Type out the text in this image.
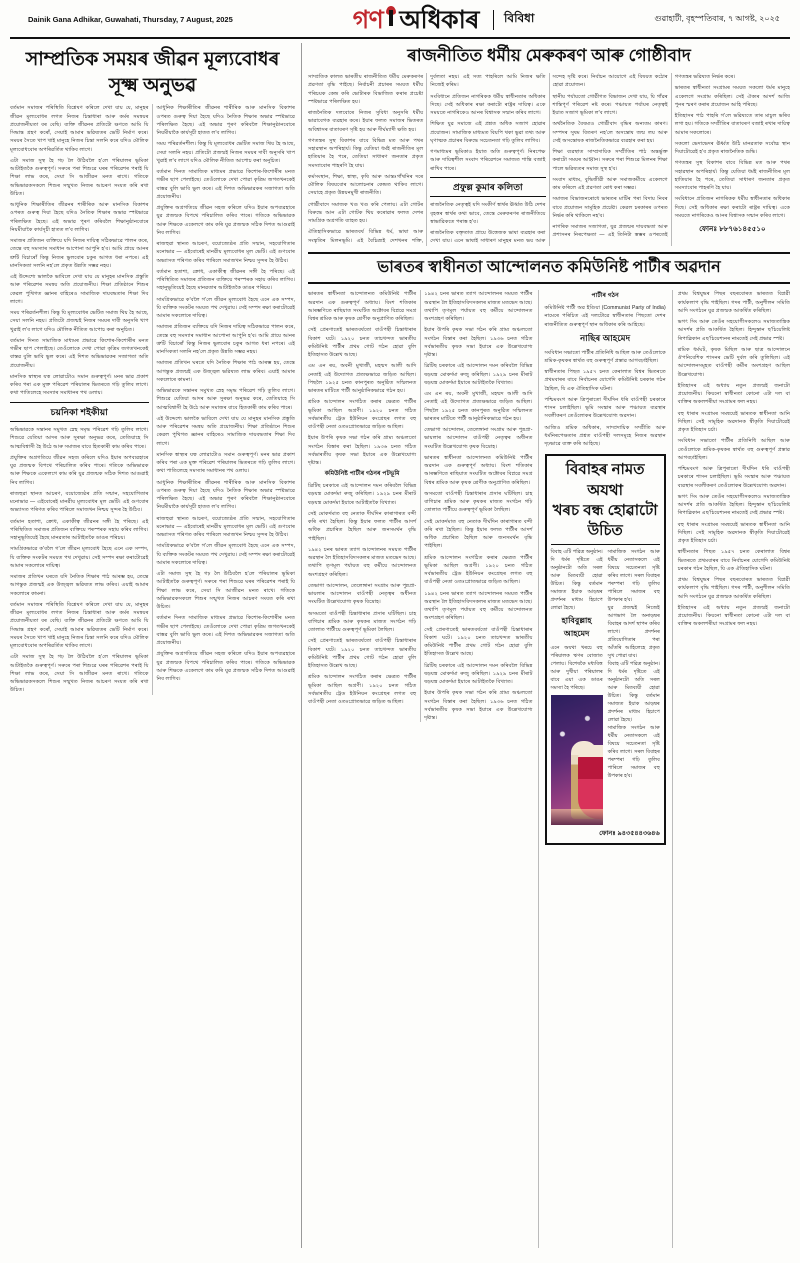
Dainik Gana Adhikar, Guwahati, Thursday, 7 August, 2025	গণ অধিকাৰ	বিবিধা	গুৱাহাটী, বৃহস্পতিবাৰ, ৭ আগষ্ট, ২০২৫
সাম্প্ৰতিক সময়ৰ জীৱন মূল্যবোধৰ সূক্ষ্ম অনুভৱ

বৰ্তমান সমাজৰ পৰিস্থিতি বিশ্লেষণ কৰিলে দেখা যায় যে, মানুহৰ জীৱন মূল্যবোধৰ লগত নিজৰ চিন্তাধাৰা আৰু কৰ্মৰ সমন্বয়ৰ প্ৰয়োজনীয়তা বৰ বেছি। ব্যক্তি জীৱনৰ প্ৰতিটো ক্ষণতে আমি যি সিদ্ধান্ত গ্ৰহণ কৰোঁ, সেয়াই আমাৰ ভৱিষ্যতৰ ভেটি নিৰ্মাণ কৰে। সময়ৰ সৈতে খাপ খাই মানুহে নিজৰ চিন্তা সলনি কৰে যদিও মৌলিক মূল্যবোধবোৰ অপৰিৱৰ্তিত থাকিব লাগে।

এটা সমাজ সুস্থ হৈ গঢ় লৈ উঠিবলৈ হ'লে পৰিয়ালৰ ভূমিকা আটাইতকৈ গুৰুত্বপূৰ্ণ। সৰুৰে পৰা শিশুৱে ঘৰৰ পৰিৱেশৰ পৰাই যি শিক্ষা লাভ কৰে, সেয়া সি আজীৱন মনত ৰাখে। গতিকে অভিভাৱকসকলে শিশুৰ সন্মুখত নিজৰ আচৰণ সংযত কৰি ৰখা উচিত।

আধুনিক শিক্ষাৰীতিৰ জীৱনৰ শাৰীৰিক আৰু মানসিক বিকাশৰ ওপৰত গুৰুত্ব দিয়া হৈছে যদিও নৈতিক শিক্ষাৰ অভাৱ স্পষ্টভাৱে পৰিলক্ষিত হৈছে। এই অভাৱ পূৰণ কৰিবলৈ শিক্ষানুষ্ঠানবোৰে নিয়মীয়াকৈ কাৰ্যসূচী হাতত ল'ব লাগিব।

সমাজৰ প্ৰতিজন ব্যক্তিয়ে যদি নিজৰ দায়িত্ব সঠিকভাৱে পালন কৰে, তেন্তে বহু সমস্যাৰ সমাধান আপোনা আপুনি হ'ব। আমি প্ৰায়ে আনৰ ত্ৰুটি বিচাৰোঁ কিন্তু নিজৰ ভুলবোৰ চকুৰ আগত ধৰা নপৰে। এই মানসিকতা সলনি নহ'লে প্ৰকৃত উন্নতি সম্ভৱ নহয়।

এই উদ্দেশ্যে ভালকৈ ভাবিলে দেখা যায় যে মানুহৰ মানসিক প্ৰস্তুতি আৰু পৰিৱেশৰ সমন্বয় অতি প্ৰয়োজনীয়। শিক্ষা প্ৰতিষ্ঠানে শিশুৰ কেৱল পুথিগত জ্ঞানৰ বাহিৰেও সামাজিক দায়বদ্ধতাৰ শিক্ষা দিব লাগে।

সময় পৰিৱৰ্তনশীল। কিন্তু যি মূল্যবোধৰ ভেটিত সমাজ থিয় হৈ আছে, সেয়া সলনি নহয়। প্ৰতিটো প্ৰজন্মই নিজৰ সময়ৰ দাবী অনুসৰি খাপ খুৱাই ল'ব লাগে যদিও মৌলিক নীতিত আপোচ কৰা অনুচিত।

বৰ্তমান দিনত সামাজিক মাধ্যমৰ প্ৰভাৱে কিশোৰ-কিশোৰীৰ মনত গভীৰ ছাপ পেলাইছে। তেওঁলোকে দেখা পোৱা কৃত্ৰিম জগতখনকেই বাস্তৱ বুলি ভাবি ভুল কৰে। এই দিশত অভিভাৱকৰ সজাগতা অতি প্ৰয়োজনীয়।

মানসিক স্বাস্থ্যৰ যত্ন লোৱাটোও সমান গুৰুত্বপূৰ্ণ। মনৰ ভাৱ প্ৰকাশ কৰিব পৰা এক মুক্ত পৰিৱেশ পৰিয়ালৰ ভিতৰতে গঢ়ি তুলিব লাগে। কথা পাতিলেহে সমস্যাৰ সমাধানৰ পথ ওলায়।

চয়নিকা শইকীয়া

অভিভাৱকে সন্তানৰ সমুখত স্নেহ সমৃদ্ধ পৰিৱেশ গঢ়ি তুলিব লাগে। শিশুৱে যেতিয়া আদৰ আৰু সুৰক্ষা অনুভৱ কৰে, তেতিয়াহে সি আত্মবিশ্বাসী হৈ উঠে আৰু সমাজৰ বাবে হিতকাৰী কাম কৰিব পাৰে।

প্ৰযুক্তিৰ অগ্ৰগতিয়ে জীৱন সহজ কৰিলে যদিও ইয়াৰ অপব্যৱহাৰে যুৱ প্ৰজন্মক বিপথে পৰিচালিত কৰিব পাৰে। গতিকে অভিভাৱক আৰু শিক্ষকে একেলগে কাম কৰি যুৱ প্ৰজন্মক সঠিক দিশত আগুৱাই নিব লাগিব।

ৰাজহুৱা স্থানত আচৰণ, বয়োজ্যেষ্ঠৰ প্ৰতি সন্মান, সহযোগিতাৰ মনোভাৱ — এইবোৰেই মানৱীয় মূল্যবোধৰ মূল ভেটি। এই গুণবোৰ অভ্যাসত পৰিণত কৰিব পাৰিলে সমাজখন নিশ্চয় সুন্দৰ হৈ উঠিব।

বৰ্তমান হতাশা, ক্ৰোধ, একাকীত্ব জীৱনৰ সঙ্গী হৈ পৰিছে। এই পৰিস্থিতিত সমাজৰ প্ৰতিজন ব্যক্তিয়ে পৰস্পৰক সহায় কৰিব লাগিব। সহানুভূতিয়েই হৈছে মানৱতাৰ আটাইতকৈ ডাঙৰ পৰিচয়।

সামগ্ৰিকভাৱে ক'বলৈ গ'লে জীৱন মূল্যবোধ হৈছে এনে এক সম্পদ, যি ব্যক্তিক সংকটৰ সময়ত পথ দেখুৱায়। সেই সম্পদ ৰক্ষা কৰাটোৱেই আমাৰ সকলোৰে দায়িত্ব।

সমাজৰ প্ৰতিখন ঘৰতে যদি নৈতিক শিক্ষাৰ পাঠ আৰম্ভ হয়, তেন্তে আগন্তুক প্ৰজন্মই এক উজ্জ্বল ভৱিষ্যত লাভ কৰিব। এয়াই আমাৰ সকলোৰে কামনা।

বৰ্তমান সমাজৰ পৰিস্থিতি বিশ্লেষণ কৰিলে দেখা যায় যে, মানুহৰ জীৱন মূল্যবোধৰ লগত নিজৰ চিন্তাধাৰা আৰু কৰ্মৰ সমন্বয়ৰ প্ৰয়োজনীয়তা বৰ বেছি। ব্যক্তি জীৱনৰ প্ৰতিটো ক্ষণতে আমি যি সিদ্ধান্ত গ্ৰহণ কৰোঁ, সেয়াই আমাৰ ভৱিষ্যতৰ ভেটি নিৰ্মাণ কৰে। সময়ৰ সৈতে খাপ খাই মানুহে নিজৰ চিন্তা সলনি কৰে যদিও মৌলিক মূল্যবোধবোৰ অপৰিৱৰ্তিত থাকিব লাগে।

এটা সমাজ সুস্থ হৈ গঢ় লৈ উঠিবলৈ হ'লে পৰিয়ালৰ ভূমিকা আটাইতকৈ গুৰুত্বপূৰ্ণ। সৰুৰে পৰা শিশুৱে ঘৰৰ পৰিৱেশৰ পৰাই যি শিক্ষা লাভ কৰে, সেয়া সি আজীৱন মনত ৰাখে। গতিকে অভিভাৱকসকলে শিশুৰ সন্মুখত নিজৰ আচৰণ সংযত কৰি ৰখা উচিত।

আধুনিক শিক্ষাৰীতিৰ জীৱনৰ শাৰীৰিক আৰু মানসিক বিকাশৰ ওপৰত গুৰুত্ব দিয়া হৈছে যদিও নৈতিক শিক্ষাৰ অভাৱ স্পষ্টভাৱে পৰিলক্ষিত হৈছে। এই অভাৱ পূৰণ কৰিবলৈ শিক্ষানুষ্ঠানবোৰে নিয়মীয়াকৈ কাৰ্যসূচী হাতত ল'ব লাগিব।

সময় পৰিৱৰ্তনশীল। কিন্তু যি মূল্যবোধৰ ভেটিত সমাজ থিয় হৈ আছে, সেয়া সলনি নহয়। প্ৰতিটো প্ৰজন্মই নিজৰ সময়ৰ দাবী অনুসৰি খাপ খুৱাই ল'ব লাগে যদিও মৌলিক নীতিত আপোচ কৰা অনুচিত।

বৰ্তমান দিনত সামাজিক মাধ্যমৰ প্ৰভাৱে কিশোৰ-কিশোৰীৰ মনত গভীৰ ছাপ পেলাইছে। তেওঁলোকে দেখা পোৱা কৃত্ৰিম জগতখনকেই বাস্তৱ বুলি ভাবি ভুল কৰে। এই দিশত অভিভাৱকৰ সজাগতা অতি প্ৰয়োজনীয়।

প্ৰযুক্তিৰ অগ্ৰগতিয়ে জীৱন সহজ কৰিলে যদিও ইয়াৰ অপব্যৱহাৰে যুৱ প্ৰজন্মক বিপথে পৰিচালিত কৰিব পাৰে। গতিকে অভিভাৱক আৰু শিক্ষকে একেলগে কাম কৰি যুৱ প্ৰজন্মক সঠিক দিশত আগুৱাই নিব লাগিব।

ৰাজহুৱা স্থানত আচৰণ, বয়োজ্যেষ্ঠৰ প্ৰতি সন্মান, সহযোগিতাৰ মনোভাৱ — এইবোৰেই মানৱীয় মূল্যবোধৰ মূল ভেটি। এই গুণবোৰ অভ্যাসত পৰিণত কৰিব পাৰিলে সমাজখন নিশ্চয় সুন্দৰ হৈ উঠিব।

বৰ্তমান হতাশা, ক্ৰোধ, একাকীত্ব জীৱনৰ সঙ্গী হৈ পৰিছে। এই পৰিস্থিতিত সমাজৰ প্ৰতিজন ব্যক্তিয়ে পৰস্পৰক সহায় কৰিব লাগিব। সহানুভূতিয়েই হৈছে মানৱতাৰ আটাইতকৈ ডাঙৰ পৰিচয়।

সামগ্ৰিকভাৱে ক'বলৈ গ'লে জীৱন মূল্যবোধ হৈছে এনে এক সম্পদ, যি ব্যক্তিক সংকটৰ সময়ত পথ দেখুৱায়। সেই সম্পদ ৰক্ষা কৰাটোৱেই আমাৰ সকলোৰে দায়িত্ব।

সমাজৰ প্ৰতিজন ব্যক্তিয়ে যদি নিজৰ দায়িত্ব সঠিকভাৱে পালন কৰে, তেন্তে বহু সমস্যাৰ সমাধান আপোনা আপুনি হ'ব। আমি প্ৰায়ে আনৰ ত্ৰুটি বিচাৰোঁ কিন্তু নিজৰ ভুলবোৰ চকুৰ আগত ধৰা নপৰে। এই মানসিকতা সলনি নহ'লে প্ৰকৃত উন্নতি সম্ভৱ নহয়।

সমাজৰ প্ৰতিখন ঘৰতে যদি নৈতিক শিক্ষাৰ পাঠ আৰম্ভ হয়, তেন্তে আগন্তুক প্ৰজন্মই এক উজ্জ্বল ভৱিষ্যত লাভ কৰিব। এয়াই আমাৰ সকলোৰে কামনা।

অভিভাৱকে সন্তানৰ সমুখত স্নেহ সমৃদ্ধ পৰিৱেশ গঢ়ি তুলিব লাগে। শিশুৱে যেতিয়া আদৰ আৰু সুৰক্ষা অনুভৱ কৰে, তেতিয়াহে সি আত্মবিশ্বাসী হৈ উঠে আৰু সমাজৰ বাবে হিতকাৰী কাম কৰিব পাৰে।

এই উদ্দেশ্যে ভালকৈ ভাবিলে দেখা যায় যে মানুহৰ মানসিক প্ৰস্তুতি আৰু পৰিৱেশৰ সমন্বয় অতি প্ৰয়োজনীয়। শিক্ষা প্ৰতিষ্ঠানে শিশুৰ কেৱল পুথিগত জ্ঞানৰ বাহিৰেও সামাজিক দায়বদ্ধতাৰ শিক্ষা দিব লাগে।

মানসিক স্বাস্থ্যৰ যত্ন লোৱাটোও সমান গুৰুত্বপূৰ্ণ। মনৰ ভাৱ প্ৰকাশ কৰিব পৰা এক মুক্ত পৰিৱেশ পৰিয়ালৰ ভিতৰতে গঢ়ি তুলিব লাগে। কথা পাতিলেহে সমস্যাৰ সমাধানৰ পথ ওলায়।

আধুনিক শিক্ষাৰীতিৰ জীৱনৰ শাৰীৰিক আৰু মানসিক বিকাশৰ ওপৰত গুৰুত্ব দিয়া হৈছে যদিও নৈতিক শিক্ষাৰ অভাৱ স্পষ্টভাৱে পৰিলক্ষিত হৈছে। এই অভাৱ পূৰণ কৰিবলৈ শিক্ষানুষ্ঠানবোৰে নিয়মীয়াকৈ কাৰ্যসূচী হাতত ল'ব লাগিব।

ৰাজহুৱা স্থানত আচৰণ, বয়োজ্যেষ্ঠৰ প্ৰতি সন্মান, সহযোগিতাৰ মনোভাৱ — এইবোৰেই মানৱীয় মূল্যবোধৰ মূল ভেটি। এই গুণবোৰ অভ্যাসত পৰিণত কৰিব পাৰিলে সমাজখন নিশ্চয় সুন্দৰ হৈ উঠিব।

সামগ্ৰিকভাৱে ক'বলৈ গ'লে জীৱন মূল্যবোধ হৈছে এনে এক সম্পদ, যি ব্যক্তিক সংকটৰ সময়ত পথ দেখুৱায়। সেই সম্পদ ৰক্ষা কৰাটোৱেই আমাৰ সকলোৰে দায়িত্ব।

এটা সমাজ সুস্থ হৈ গঢ় লৈ উঠিবলৈ হ'লে পৰিয়ালৰ ভূমিকা আটাইতকৈ গুৰুত্বপূৰ্ণ। সৰুৰে পৰা শিশুৱে ঘৰৰ পৰিৱেশৰ পৰাই যি শিক্ষা লাভ কৰে, সেয়া সি আজীৱন মনত ৰাখে। গতিকে অভিভাৱকসকলে শিশুৰ সন্মুখত নিজৰ আচৰণ সংযত কৰি ৰখা উচিত।

বৰ্তমান দিনত সামাজিক মাধ্যমৰ প্ৰভাৱে কিশোৰ-কিশোৰীৰ মনত গভীৰ ছাপ পেলাইছে। তেওঁলোকে দেখা পোৱা কৃত্ৰিম জগতখনকেই বাস্তৱ বুলি ভাবি ভুল কৰে। এই দিশত অভিভাৱকৰ সজাগতা অতি প্ৰয়োজনীয়।

প্ৰযুক্তিৰ অগ্ৰগতিয়ে জীৱন সহজ কৰিলে যদিও ইয়াৰ অপব্যৱহাৰে যুৱ প্ৰজন্মক বিপথে পৰিচালিত কৰিব পাৰে। গতিকে অভিভাৱক আৰু শিক্ষকে একেলগে কাম কৰি যুৱ প্ৰজন্মক সঠিক দিশত আগুৱাই নিব লাগিব।

ৰাজনীতিত ধৰ্মীয় মেৰুকৰণ আৰু গোষ্ঠীবাদ

সাম্প্ৰতিক কালত ভাৰতীয় ৰাজনীতিত ধৰ্মীয় মেৰুকৰণৰ প্ৰৱণতা বৃদ্ধি পাইছে। নিৰ্বাচনী প্ৰচাৰৰ সময়ত ধৰ্মীয় পৰিচয়ক কেন্দ্ৰ কৰি ভোটাৰক বিভাজিত কৰাৰ প্ৰচেষ্টা স্পষ্টভাৱে পৰিলক্ষিত হয়।

ৰাজনৈতিক দলবোৰে নিজৰ সুবিধা অনুসৰি ধৰ্মীয় ভাৱাবেগক ব্যৱহাৰ কৰে। ইয়াৰ ফলত সমাজৰ ভিতৰত অবিশ্বাসৰ বাতাবৰণ সৃষ্টি হয় আৰু দীৰ্ঘম্যাদী ক্ষতি হয়।

গণতন্ত্ৰৰ সুস্থ বিকাশৰ বাবে বিভিন্ন মত আৰু পথৰ সহাৱস্থান অপৰিহাৰ্য। কিন্তু যেতিয়া ধৰ্মই ৰাজনীতিৰ মূল হাতিয়াৰ হৈ পৰে, তেতিয়া সাধাৰণ জনতাৰ প্ৰকৃত সমস্যাবোৰ পাহৰণি হৈ যায়।

কৰ্মসংস্থান, শিক্ষা, স্বাস্থ্য, কৃষি আৰু আন্তঃগাঁথনিৰ দৰে মৌলিক বিষয়বোৰ আলোচনাৰ কেন্দ্ৰত থাকিব লাগে। সেয়াহে প্ৰকৃত উন্নয়নমুখী ৰাজনীতি।

গোষ্ঠীবাদে সমাজক খণ্ড খণ্ড কৰি পেলায়। এটা গোটৰ বিৰুদ্ধে আন এটা গোটক থিয় কৰোৱাৰ ফলত দেশৰ সামগ্ৰিক অগ্ৰগতি ব্যাহত হয়।

ঐতিহাসিকভাৱে ভাৰতবৰ্ষ বিভিন্ন ধৰ্ম, ভাষা আৰু সংস্কৃতিৰ মিলনভূমি। এই বৈচিত্ৰ্যই দেশখনৰ শক্তি, দুৰ্বলতা নহয়। এই সত্য পাহৰিলে আমি নিজৰ ক্ষতি নিজেই কৰিম।

সংবিধানে প্ৰতিজন নাগৰিকক ধৰ্মীয় স্বাধীনতাৰ অধিকাৰ দিছে। সেই অধিকাৰ ৰক্ষা কৰাটো ৰাষ্ট্ৰৰ দায়িত্ব। একে সময়তে নাগৰিকেও আনৰ বিশ্বাসক সন্মান কৰিব লাগে।

শিক্ষিত যুৱ সমাজে এই প্ৰশ্নত অধিক সজাগ হোৱাৰ প্ৰয়োজন। সামাজিক মাধ্যমত বিয়পি থকা ভুৱা তথ্য আৰু ঘৃণাত্মক প্ৰচাৰৰ বিৰুদ্ধে সচেতনতা গঢ়ি তুলিব লাগিব।

গণমাধ্যমৰ ভূমিকাও ইয়াত অতি গুৰুত্বপূৰ্ণ। নিৰপেক্ষ আৰু দায়িত্বশীল সংবাদ পৰিৱেশনে সমাজত শান্তি বজাই ৰাখিব পাৰে।

প্ৰফুল্ল কুমাৰ কলিতা

ৰাজনৈতিক নেতৃত্বই যদি সংকীৰ্ণ স্বাৰ্থৰ ঊৰ্ধ্বত উঠি দেশৰ বৃহত্তৰ স্বাৰ্থৰ কথা ভাবে, তেন্তে মেৰুকৰণৰ ৰাজনীতিয়ে স্বাভাৱিকতে পৰাস্ত হ'ব।

ৰাজনৈতিক বক্তৃতাত প্ৰায়ে উত্তেজক ভাষা ব্যৱহাৰ কৰা দেখা যায়। এনে ভাষাই সাধাৰণ মানুহৰ মনত ভয় আৰু সন্দেহ সৃষ্টি কৰে। নিৰ্বাচন আয়োগে এই বিষয়ত কঠোৰ হোৱা প্ৰয়োজন।

স্থানীয় পৰ্যায়তো গোষ্ঠীগত বিভাজন দেখা যায়, যি গাঁৱৰ শান্তিপূৰ্ণ পৰিৱেশ নষ্ট কৰে। পঞ্চায়ত পৰ্যায়ৰ নেতৃত্বই ইয়াত সজাগ ভূমিকা ল'ব লাগে।

অৰ্থনৈতিক বৈষম্যও গোষ্ঠীবাদ বৃদ্ধিৰ অন্যতম কাৰণ। সম্পদৰ সুষম বিতৰণ নহ'লে অসন্তোষ জন্ম লয় আৰু সেই অসন্তোষক ৰাজনৈতিকভাৱে ব্যৱহাৰ কৰা হয়।

শিক্ষা ব্যৱস্থাত সাম্প্ৰদায়িক সম্প্ৰীতিৰ পাঠ অন্তৰ্ভুক্ত কৰাটো সময়ৰ আহ্বান। সৰুৰে পৰা শিশুৱে মিলনৰ শিক্ষা পালে ভৱিষ্যতৰ সমাজ সুস্থ হ'ব।

সংবাদ মাধ্যম, বুদ্ধিজীৱী আৰু সমাজকৰ্মীয়ে একেলগে কাম কৰিলে এই প্ৰৱণতা ৰোধ কৰা সম্ভৱ।

সমাজৰ বিভাজনৰোধে ভাৰতৰ মাটিৰ পৰা বিদায় নিবৰ বাবে প্ৰয়োজন সামূহিক প্ৰচেষ্টা। কেৱল চৰকাৰৰ ওপৰত নিৰ্ভৰ কৰি থাকিলে নহ'ব।

নাগৰিক সমাজৰ সজাগতা, যুৱ প্ৰজন্মৰ দায়বদ্ধতা আৰু প্ৰশাসনৰ নিৰপেক্ষতা — এই তিনিটা স্তম্ভৰ ওপৰতেই গণতন্ত্ৰৰ ভৱিষ্যত নিৰ্ভৰ কৰে।

ভাৰতৰ স্বাধীনতা সংগ্ৰামৰ সময়ত সকলো ধৰ্মৰ মানুহে একেলগে সংগ্ৰাম কৰিছিল। সেই ঐক্যৰ আদৰ্শ আজি পুনৰ স্মৰণ কৰাৰ প্ৰয়োজন আহি পৰিছে।

ইতিহাসৰ পাঠ পাহৰি গ'লে ভৱিষ্যতে তাৰ মাচুল ভৰিব লগা হয়। গতিকে সম্প্ৰীতিৰ বাতাবৰণ বজাই ৰখাৰ দায়িত্ব আমাৰ সকলোৰে।

সকলো ভেদাভেদৰ ঊৰ্ধ্বত উঠি মানৱতাক সৰ্বোচ্চ স্থান দিয়াটোৱেই হ'ব প্ৰকৃত ৰাজনৈতিক শুদ্ধি।

গণতন্ত্ৰৰ সুস্থ বিকাশৰ বাবে বিভিন্ন মত আৰু পথৰ সহাৱস্থান অপৰিহাৰ্য। কিন্তু যেতিয়া ধৰ্মই ৰাজনীতিৰ মূল হাতিয়াৰ হৈ পৰে, তেতিয়া সাধাৰণ জনতাৰ প্ৰকৃত সমস্যাবোৰ পাহৰণি হৈ যায়।

সংবিধানে প্ৰতিজন নাগৰিকক ধৰ্মীয় স্বাধীনতাৰ অধিকাৰ দিছে। সেই অধিকাৰ ৰক্ষা কৰাটো ৰাষ্ট্ৰৰ দায়িত্ব। একে সময়তে নাগৰিকেও আনৰ বিশ্বাসক সন্মান কৰিব লাগে।

ফোনঃ ৮৮৭৬১৪৫৫১০
ভাৰতৰ স্বাধীনতা আন্দোলনত কমিউনিষ্ট পাৰ্টীৰ অৱদান

ভাৰতৰ স্বাধীনতা আন্দোলনত কমিউনিষ্ট পাৰ্টীৰ অৱদান এক গুৰুত্বপূৰ্ণ অধ্যায়। বিংশ শতিকাৰ আৰম্ভণিতে ৰাছিয়াত সংঘটিত অক্টোবৰ বিপ্লৱে সমগ্ৰ বিশ্বৰ শ্ৰমিক আৰু কৃষক শ্ৰেণীক অনুপ্ৰাণিত কৰিছিল।

সেই প্ৰেৰণাতেই ভাৰতবৰ্ষতো বাওঁপন্থী চিন্তাধাৰাৰ বিকাশ ঘটে। ১৯২০ চনত তাচখন্দত ভাৰতীয় কমিউনিষ্ট পাৰ্টীৰ প্ৰথম গোট গঠন হোৱা বুলি ইতিহাসত উল্লেখ আছে।

এম এন ৰয়, অবনী মুখাৰ্জী, মহম্মদ আলী আদি নেতাই এই উদ্যোগত প্ৰত্যক্ষভাৱে জড়িত আছিল। পিছলৈ ১৯২৫ চনত কানপুৰত অনুষ্ঠিত সন্মিলনত ভাৰতৰ মাটিতে পাৰ্টী আনুষ্ঠানিকভাৱে গঠন হয়।

শ্ৰমিক আন্দোলন সংগঠিত কৰাৰ ক্ষেত্ৰত পাৰ্টীৰ ভূমিকা আছিল অগ্ৰণী। ১৯২০ চনত গঠিত সৰ্বভাৰতীয় ট্ৰেড ইউনিয়ন কংগ্ৰেছৰ লগত বহু বাওঁপন্থী নেতা ওতঃপ্ৰোতভাৱে জড়িত আছিল।

ইয়াৰ উপৰি কৃষক সভা গঠন কৰি গ্ৰাম্য অঞ্চলতো সংগঠন বিস্তাৰ কৰা হৈছিল। ১৯৩৬ চনত গঠিত সৰ্বভাৰতীয় কৃষক সভা ইয়াৰে এক উল্লেখযোগ্য দৃষ্টান্ত।

কমিউনিষ্ট পাৰ্টীৰ গঠনৰ পটভূমি

ব্ৰিটিছ চৰকাৰে এই আন্দোলন দমন কৰিবলৈ বিভিন্ন ষড়যন্ত্ৰ মোকৰ্দমা ৰুজু কৰিছিল। ১৯২৯ চনৰ মীৰাট ষড়যন্ত্ৰ মোকৰ্দমা ইয়াৰে আটাইতকৈ বিখ্যাত।

সেই মোকৰ্দমাত বহু নেতাক দীৰ্ঘদিন কাৰাগাৰত বন্দী কৰি ৰখা হৈছিল। কিন্তু ইয়াৰ ফলত পাৰ্টীৰ আদৰ্শ অধিক প্ৰচাৰিত হৈছিল আৰু জনসমৰ্থন বৃদ্ধি পাইছিল।

১৯৪২ চনৰ ভাৰত ত্যাগ আন্দোলনৰ সময়ত পাৰ্টীৰ অৱস্থান লৈ ইতিহাসবিদসকলৰ মাজত মতভেদ আছে। তথাপি তৃণমূল পৰ্যায়ত বহু কৰ্মীয়ে আন্দোলনত অংশগ্ৰহণ কৰিছিল।

তেভাগা আন্দোলন, তেলেঙ্গানা সংগ্ৰাম আৰু পুন্নপ্ৰা-ভায়লাৰ আন্দোলন বাওঁপন্থী নেতৃত্বৰ অধীনত সংঘটিত উল্লেখযোগ্য কৃষক বিদ্ৰোহ।

অসমতো বাওঁপন্থী চিন্তাধাৰাৰ প্ৰসাৰ ঘটিছিল। চাহ বাগিচাৰ শ্ৰমিক আৰু কৃষকৰ মাজত সংগঠন গঢ়ি তোলাত পাৰ্টীয়ে গুৰুত্বপূৰ্ণ ভূমিকা লৈছিল।

সেই প্ৰেৰণাতেই ভাৰতবৰ্ষতো বাওঁপন্থী চিন্তাধাৰাৰ বিকাশ ঘটে। ১৯২০ চনত তাচখন্দত ভাৰতীয় কমিউনিষ্ট পাৰ্টীৰ প্ৰথম গোট গঠন হোৱা বুলি ইতিহাসত উল্লেখ আছে।

শ্ৰমিক আন্দোলন সংগঠিত কৰাৰ ক্ষেত্ৰত পাৰ্টীৰ ভূমিকা আছিল অগ্ৰণী। ১৯২০ চনত গঠিত সৰ্বভাৰতীয় ট্ৰেড ইউনিয়ন কংগ্ৰেছৰ লগত বহু বাওঁপন্থী নেতা ওতঃপ্ৰোতভাৱে জড়িত আছিল।

১৯৪২ চনৰ ভাৰত ত্যাগ আন্দোলনৰ সময়ত পাৰ্টীৰ অৱস্থান লৈ ইতিহাসবিদসকলৰ মাজত মতভেদ আছে। তথাপি তৃণমূল পৰ্যায়ত বহু কৰ্মীয়ে আন্দোলনত অংশগ্ৰহণ কৰিছিল।

ইয়াৰ উপৰি কৃষক সভা গঠন কৰি গ্ৰাম্য অঞ্চলতো সংগঠন বিস্তাৰ কৰা হৈছিল। ১৯৩৬ চনত গঠিত সৰ্বভাৰতীয় কৃষক সভা ইয়াৰে এক উল্লেখযোগ্য দৃষ্টান্ত।

ব্ৰিটিছ চৰকাৰে এই আন্দোলন দমন কৰিবলৈ বিভিন্ন ষড়যন্ত্ৰ মোকৰ্দমা ৰুজু কৰিছিল। ১৯২৯ চনৰ মীৰাট ষড়যন্ত্ৰ মোকৰ্দমা ইয়াৰে আটাইতকৈ বিখ্যাত।

এম এন ৰয়, অবনী মুখাৰ্জী, মহম্মদ আলী আদি নেতাই এই উদ্যোগত প্ৰত্যক্ষভাৱে জড়িত আছিল। পিছলৈ ১৯২৫ চনত কানপুৰত অনুষ্ঠিত সন্মিলনত ভাৰতৰ মাটিতে পাৰ্টী আনুষ্ঠানিকভাৱে গঠন হয়।

তেভাগা আন্দোলন, তেলেঙ্গানা সংগ্ৰাম আৰু পুন্নপ্ৰা-ভায়লাৰ আন্দোলন বাওঁপন্থী নেতৃত্বৰ অধীনত সংঘটিত উল্লেখযোগ্য কৃষক বিদ্ৰোহ।

ভাৰতৰ স্বাধীনতা আন্দোলনত কমিউনিষ্ট পাৰ্টীৰ অৱদান এক গুৰুত্বপূৰ্ণ অধ্যায়। বিংশ শতিকাৰ আৰম্ভণিতে ৰাছিয়াত সংঘটিত অক্টোবৰ বিপ্লৱে সমগ্ৰ বিশ্বৰ শ্ৰমিক আৰু কৃষক শ্ৰেণীক অনুপ্ৰাণিত কৰিছিল।

অসমতো বাওঁপন্থী চিন্তাধাৰাৰ প্ৰসাৰ ঘটিছিল। চাহ বাগিচাৰ শ্ৰমিক আৰু কৃষকৰ মাজত সংগঠন গঢ়ি তোলাত পাৰ্টীয়ে গুৰুত্বপূৰ্ণ ভূমিকা লৈছিল।

সেই মোকৰ্দমাত বহু নেতাক দীৰ্ঘদিন কাৰাগাৰত বন্দী কৰি ৰখা হৈছিল। কিন্তু ইয়াৰ ফলত পাৰ্টীৰ আদৰ্শ অধিক প্ৰচাৰিত হৈছিল আৰু জনসমৰ্থন বৃদ্ধি পাইছিল।

শ্ৰমিক আন্দোলন সংগঠিত কৰাৰ ক্ষেত্ৰত পাৰ্টীৰ ভূমিকা আছিল অগ্ৰণী। ১৯২০ চনত গঠিত সৰ্বভাৰতীয় ট্ৰেড ইউনিয়ন কংগ্ৰেছৰ লগত বহু বাওঁপন্থী নেতা ওতঃপ্ৰোতভাৱে জড়িত আছিল।

১৯৪২ চনৰ ভাৰত ত্যাগ আন্দোলনৰ সময়ত পাৰ্টীৰ অৱস্থান লৈ ইতিহাসবিদসকলৰ মাজত মতভেদ আছে। তথাপি তৃণমূল পৰ্যায়ত বহু কৰ্মীয়ে আন্দোলনত অংশগ্ৰহণ কৰিছিল।

সেই প্ৰেৰণাতেই ভাৰতবৰ্ষতো বাওঁপন্থী চিন্তাধাৰাৰ বিকাশ ঘটে। ১৯২০ চনত তাচখন্দত ভাৰতীয় কমিউনিষ্ট পাৰ্টীৰ প্ৰথম গোট গঠন হোৱা বুলি ইতিহাসত উল্লেখ আছে।

ব্ৰিটিছ চৰকাৰে এই আন্দোলন দমন কৰিবলৈ বিভিন্ন ষড়যন্ত্ৰ মোকৰ্দমা ৰুজু কৰিছিল। ১৯২৯ চনৰ মীৰাট ষড়যন্ত্ৰ মোকৰ্দমা ইয়াৰে আটাইতকৈ বিখ্যাত।

ইয়াৰ উপৰি কৃষক সভা গঠন কৰি গ্ৰাম্য অঞ্চলতো সংগঠন বিস্তাৰ কৰা হৈছিল। ১৯৩৬ চনত গঠিত সৰ্বভাৰতীয় কৃষক সভা ইয়াৰে এক উল্লেখযোগ্য দৃষ্টান্ত।

পাৰ্টীৰ গঠন

কমিউনিষ্ট পাৰ্টী অৱ ইণ্ডিয়া (Communist Party of India) নামেৰে পৰিচিত এই দলটোৱে স্বাধীনতাৰ পিছতো দেশৰ ৰাজনীতিত গুৰুত্বপূৰ্ণ স্থান অধিকাৰ কৰি আহিছে।

নাছিৰ আহমেদ

সংবিধান সভাতো পাৰ্টীৰ প্ৰতিনিধি আছিল আৰু তেওঁলোকে শ্ৰমিক-কৃষকৰ স্বাৰ্থত বহু গুৰুত্বপূৰ্ণ প্ৰস্তাৱ আগবঢ়াইছিল।

স্বাধীনতাৰ পিছত ১৯৫৭ চনত কেৰালাত বিশ্বৰ ভিতৰতে প্ৰথমবাৰৰ বাবে নিৰ্বাচনৰ যোগেদি কমিউনিষ্ট চৰকাৰ গঠন হৈছিল, যি এক ঐতিহাসিক ঘটনা।

পশ্চিমবংগ আৰু ত্ৰিপুৰাতো দীৰ্ঘদিন ধৰি বাওঁপন্থী চৰকাৰে শাসন চলাইছিল। ভূমি সংস্কাৰ আৰু পঞ্চায়ত ব্যৱস্থাৰ সবলীকৰণ তেওঁলোকৰ উল্লেখযোগ্য অৱদান।

আজিও শ্ৰমিক অধিকাৰ, সাম্প্ৰদায়িক সম্প্ৰীতি আৰু ধৰ্মনিৰপেক্ষতাৰ প্ৰশ্নত বাওঁপন্থী দলসমূহে নিজৰ অৱস্থান দৃঢ়ভাৱে ব্যক্ত কৰি আহিছে।

বিবাহৰ নামত অযথা
খৰচ বন্ধ হোৱাটো উচিত
বিবাহ এটি পৱিত্ৰ অনুষ্ঠান। দি ধৰ্মৰ দৃষ্টিতে এই অনুষ্ঠানটো অতি সৰল আৰু মিতব্যয়ী হোৱা উচিত। কিন্তু বৰ্তমান সমাজত ইয়াক আড়ম্বৰ প্ৰদৰ্শনৰ মাধ্যম হিচাপে লোৱা হৈছে।
হাবিবুল্লাহ আহমেদ
এনে অযথা খৰচে বহু পৰিয়ালক ঋণৰ বোজাত পেলায়। বিশেষকৈ মধ্যবিত্ত আৰু দুখীয়া পৰিয়ালৰ বাবে এয়া এক ডাঙৰ সমস্যা হৈ পৰিছে।
সামাজিক সংগঠন আৰু ধৰ্মীয় নেতাসকলে এই বিষয়ে সচেতনতা সৃষ্টি কৰিব লাগে। সৰল বিবাহৰ পৰম্পৰা গঢ়ি তুলিব পাৰিলে সমাজৰ বহু উপকাৰ হ'ব।
যুৱ প্ৰজন্মই নিজেই আগভাগ লৈ অনাড়ম্বৰ বিবাহৰ আদৰ্শ স্থাপন কৰিব লাগে। প্ৰদৰ্শনৰ প্ৰতিযোগিতাৰ পৰা আঁতৰি আহিলেহে প্ৰকৃত সুখ পোৱা যাব।
বিবাহ এটি পৱিত্ৰ অনুষ্ঠান। দি ধৰ্মৰ দৃষ্টিতে এই অনুষ্ঠানটো অতি সৰল আৰু মিতব্যয়ী হোৱা উচিত। কিন্তু বৰ্তমান সমাজত ইয়াক আড়ম্বৰ প্ৰদৰ্শনৰ মাধ্যম হিচাপে লোৱা হৈছে।
সামাজিক সংগঠন আৰু ধৰ্মীয় নেতাসকলে এই বিষয়ে সচেতনতা সৃষ্টি কৰিব লাগে। সৰল বিবাহৰ পৰম্পৰা গঢ়ি তুলিব পাৰিলে সমাজৰ বহু উপকাৰ হ'ব।
ফোনঃ ৯৪৩৫৪৪৩৬৪৬

প্ৰথম বিশ্বযুদ্ধৰ পিছৰ বছৰবোৰত ভাৰতত বিপ্লৱী কাৰ্যকলাপ বৃদ্ধি পাইছিল। গদৰ পাৰ্টী, অনুশীলন সমিতি আদি সংগঠনে যুৱ প্ৰজন্মক আকৰ্ষিত কৰিছিল।

ভগৎ সিং আৰু তেওঁৰ সহযোগীসকলেও সমাজতান্ত্ৰিক আদৰ্শৰ প্ৰতি আকৰ্ষিত হৈছিল। হিন্দুস্তান ছ'চিয়েলিষ্ট ৰিপাব্লিকান এছ'চিয়েশ্যনৰ নামতেই সেই প্ৰভাৱ স্পষ্ট।

শ্ৰমিক ধৰ্মঘট, কৃষক মিছিল আৰু ছাত্ৰ আন্দোলনে ঔপনিবেশিক শাসনৰ ভেটি দুৰ্বল কৰি তুলিছিল। এই আন্দোলনসমূহত বাওঁপন্থী কৰ্মীৰ অংশগ্ৰহণ আছিল উল্লেখযোগ্য।

ইতিহাসৰ এই অধ্যায় নতুন প্ৰজন্মই জনাটো প্ৰয়োজনীয়। কিয়নো স্বাধীনতা কোনো এটা দল বা ব্যক্তিৰ অকলশৰীয়া সংগ্ৰামৰ ফল নহয়।

বহু ধাৰাৰ সংগ্ৰামৰ সমন্বয়েই ভাৰতক স্বাধীনতা আনি দিছিল। সেই সামূহিক অৱদানক স্বীকৃতি দিয়াটোৱেই প্ৰকৃত ইতিহাস চৰ্চা।

সংবিধান সভাতো পাৰ্টীৰ প্ৰতিনিধি আছিল আৰু তেওঁলোকে শ্ৰমিক-কৃষকৰ স্বাৰ্থত বহু গুৰুত্বপূৰ্ণ প্ৰস্তাৱ আগবঢ়াইছিল।

পশ্চিমবংগ আৰু ত্ৰিপুৰাতো দীৰ্ঘদিন ধৰি বাওঁপন্থী চৰকাৰে শাসন চলাইছিল। ভূমি সংস্কাৰ আৰু পঞ্চায়ত ব্যৱস্থাৰ সবলীকৰণ তেওঁলোকৰ উল্লেখযোগ্য অৱদান।

ভগৎ সিং আৰু তেওঁৰ সহযোগীসকলেও সমাজতান্ত্ৰিক আদৰ্শৰ প্ৰতি আকৰ্ষিত হৈছিল। হিন্দুস্তান ছ'চিয়েলিষ্ট ৰিপাব্লিকান এছ'চিয়েশ্যনৰ নামতেই সেই প্ৰভাৱ স্পষ্ট।

বহু ধাৰাৰ সংগ্ৰামৰ সমন্বয়েই ভাৰতক স্বাধীনতা আনি দিছিল। সেই সামূহিক অৱদানক স্বীকৃতি দিয়াটোৱেই প্ৰকৃত ইতিহাস চৰ্চা।

স্বাধীনতাৰ পিছত ১৯৫৭ চনত কেৰালাত বিশ্বৰ ভিতৰতে প্ৰথমবাৰৰ বাবে নিৰ্বাচনৰ যোগেদি কমিউনিষ্ট চৰকাৰ গঠন হৈছিল, যি এক ঐতিহাসিক ঘটনা।

প্ৰথম বিশ্বযুদ্ধৰ পিছৰ বছৰবোৰত ভাৰতত বিপ্লৱী কাৰ্যকলাপ বৃদ্ধি পাইছিল। গদৰ পাৰ্টী, অনুশীলন সমিতি আদি সংগঠনে যুৱ প্ৰজন্মক আকৰ্ষিত কৰিছিল।

ইতিহাসৰ এই অধ্যায় নতুন প্ৰজন্মই জনাটো প্ৰয়োজনীয়। কিয়নো স্বাধীনতা কোনো এটা দল বা ব্যক্তিৰ অকলশৰীয়া সংগ্ৰামৰ ফল নহয়।
